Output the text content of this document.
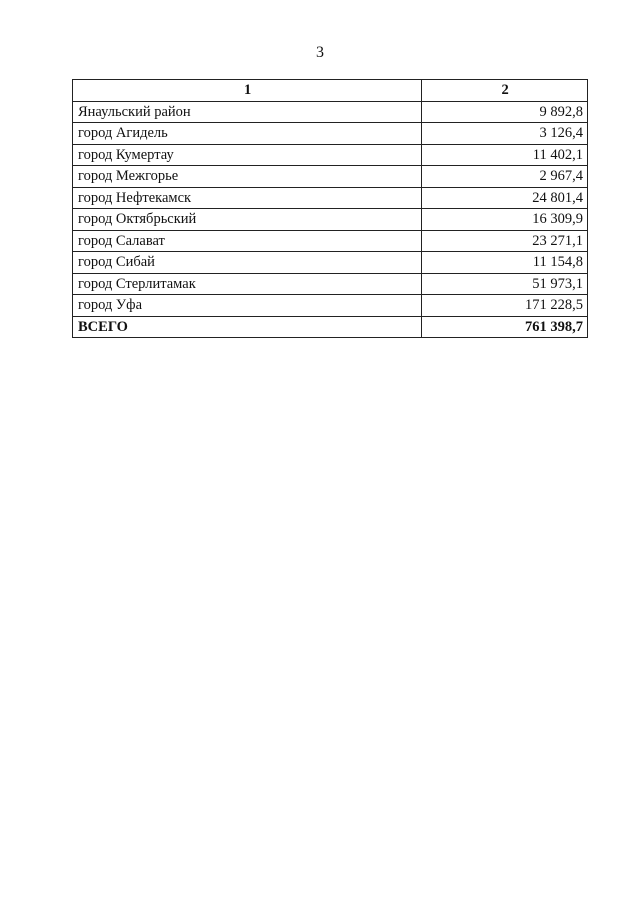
3
1	2
Янаульский район	9 892,8
город Агидель	3 126,4
город Кумертау	11 402,1
город Межгорье	2 967,4
город Нефтекамск	24 801,4
город Октябрьский	16 309,9
город Салават	23 271,1
город Сибай	11 154,8
город Стерлитамак	51 973,1
город Уфа	171 228,5
ВСЕГО	761 398,7
